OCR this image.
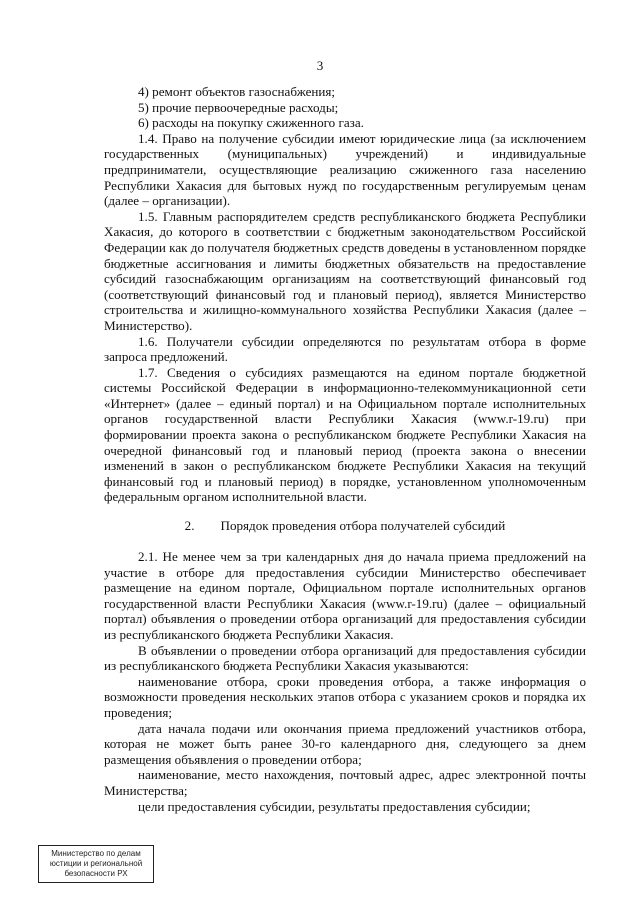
3

4) ремонт объектов газоснабжения;

5) прочие первоочередные расходы;

6) расходы на покупку сжиженного газа.

1.4. Право на получение субсидии имеют юридические лица (за исключением государственных (муниципальных) учреждений) и индивидуальные предприниматели, осуществляющие реализацию сжиженного газа населению Республики Хакасия для бытовых нужд по государственным регулируемым ценам (далее – организации).

1.5. Главным распорядителем средств республиканского бюджета Республики Хакасия, до которого в соответствии с бюджетным законодательством Российской Федерации как до получателя бюджетных средств доведены в установленном порядке бюджетные ассигнования и лимиты бюджетных обязательств на предоставление субсидий газоснабжающим организациям на соответствующий финансовый год (соответствующий финансовый год и плановый период), является Министерство строительства и жилищно-коммунального хозяйства Республики Хакасия (далее – Министерство).

1.6. Получатели субсидии определяются по результатам отбора в форме запроса предложений.

1.7. Сведения о субсидиях размещаются на едином портале бюджетной системы Российской Федерации в информационно-телекоммуникационной сети «Интернет» (далее – единый портал) и на Официальном портале исполнительных органов государственной власти Республики Хакасия (www.r-19.ru) при формировании проекта закона о республиканском бюджете Республики Хакасия на очередной финансовый год и плановый период (проекта закона о внесении изменений в закон о республиканском бюджете Республики Хакасия на текущий финансовый год и плановый период) в порядке, установленном уполномоченным федеральным органом исполнительной власти.

2. Порядок проведения отбора получателей субсидий

2.1. Не менее чем за три календарных дня до начала приема предложений на участие в отборе для предоставления субсидии Министерство обеспечивает размещение на едином портале, Официальном портале исполнительных органов государственной власти Республики Хакасия (www.r-19.ru) (далее – официальный портал) объявления о проведении отбора организаций для предоставления субсидии из республиканского бюджета Республики Хакасия.

В объявлении о проведении отбора организаций для предоставления субсидии из республиканского бюджета Республики Хакасия указываются:

наименование отбора, сроки проведения отбора, а также информация о возможности проведения нескольких этапов отбора с указанием сроков и порядка их проведения;

дата начала подачи или окончания приема предложений участников отбора, которая не может быть ранее 30-го календарного дня, следующего за днем размещения объявления о проведении отбора;

наименование, место нахождения, почтовый адрес, адрес электронной почты Министерства;

цели предоставления субсидии, результаты предоставления субсидии;

Министерство по делам
юстиции и региональной
безопасности РХ
